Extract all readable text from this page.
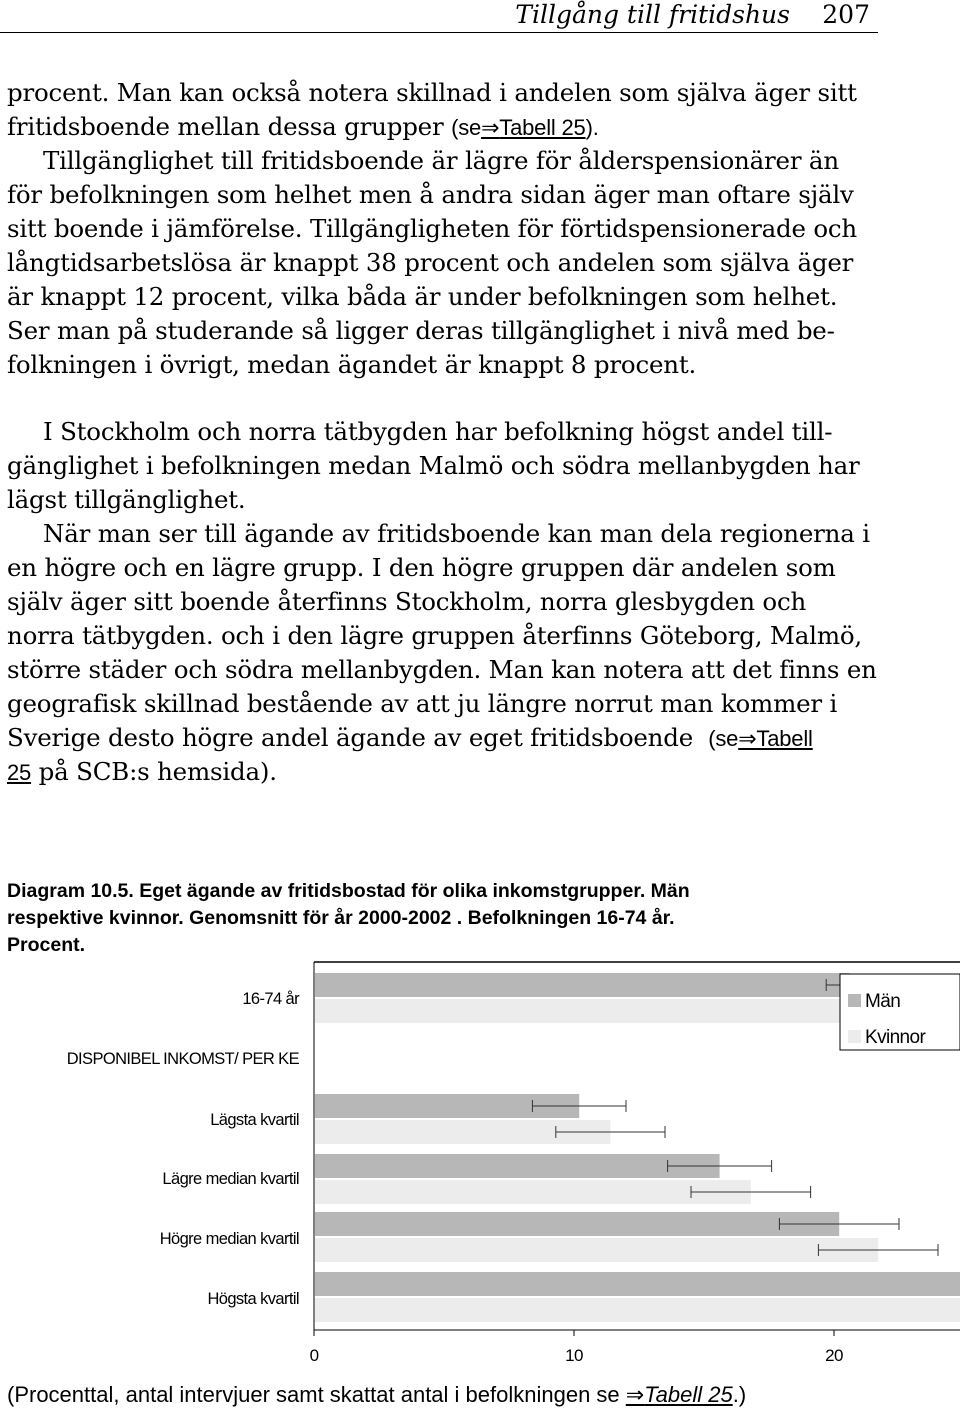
Tillgång till fritidshus 207
procent. Man kan också notera skillnad i andelen som själva äger sitt
fritidsboende mellan dessa grupper (se⇒Tabell 25).
Tillgänglighet till fritidsboende är lägre för ålderspensionärer än
för befolkningen som helhet men å andra sidan äger man oftare själv
sitt boende i jämförelse. Tillgängligheten för förtidspensionerade och
långtidsarbetslösa är knappt 38 procent och andelen som själva äger
är knappt 12 procent, vilka båda är under befolkningen som helhet.
Ser man på studerande så ligger deras tillgänglighet i nivå med be-
folkningen i övrigt, medan ägandet är knappt 8 procent.
I Stockholm och norra tätbygden har befolkning högst andel till-
gänglighet i befolkningen medan Malmö och södra mellanbygden har
lägst tillgänglighet.
När man ser till ägande av fritidsboende kan man dela regionerna i
en högre och en lägre grupp. I den högre gruppen där andelen som
själv äger sitt boende återfinns Stockholm, norra glesbygden och
norra tätbygden. och i den lägre gruppen återfinns Göteborg, Malmö,
större städer och södra mellanbygden. Man kan notera att det finns en
geografisk skillnad bestående av att ju längre norrut man kommer i
Sverige desto högre andel ägande av eget fritidsboende (se⇒Tabell
25 på SCB:s hemsida).
Diagram 10.5. Eget ägande av fritidsbostad för olika inkomstgrupper. Män
respektive kvinnor. Genomsnitt för år 2000-2002 . Befolkningen 16-74 år.
Procent.
16-74 år
Lägsta kvartil
Lägre median kvartil
Högre median kvartil
Högsta kvartil
DISPONIBEL INKOMST/ PER KE
0	10	20
Män
Kvinnor
(Procenttal, antal intervjuer samt skattat antal i befolkningen se ⇒Tabell 25.)
